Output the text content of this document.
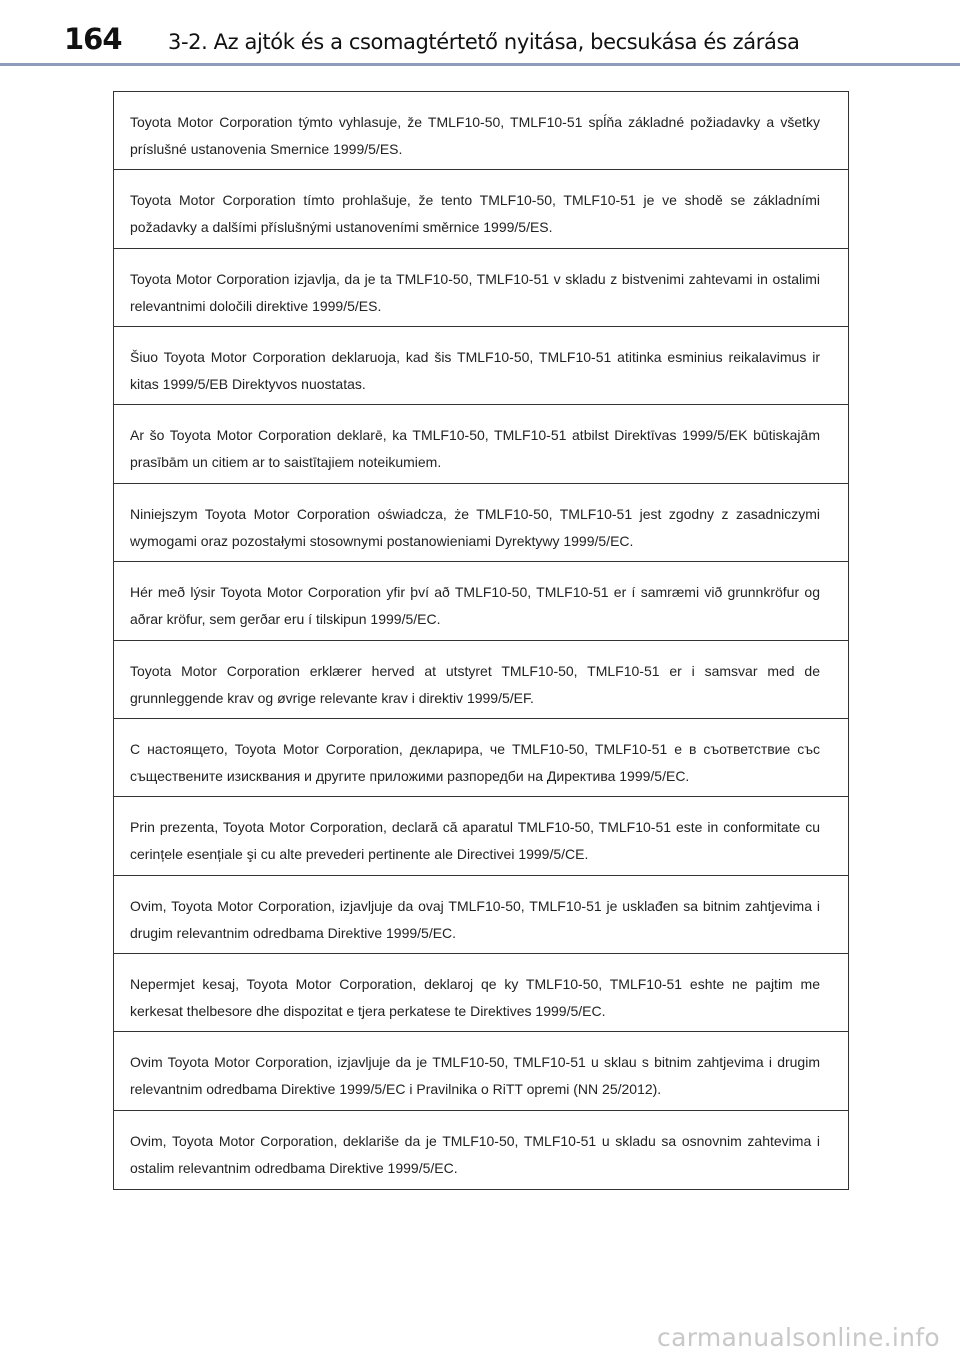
164 3-2. Az ajtók és a csomagtértető nyitása, becsukása és zárása
Toyota Motor Corporation týmto vyhlasuje, že TMLF10-50, TMLF10-51 spĺňa základné požiadavky a všetky príslušné ustanovenia Smernice 1999/5/ES.
Toyota Motor Corporation tímto prohlašuje, že tento TMLF10-50, TMLF10-51 je ve shodě se základními požadavky a dalšími příslušnými ustanoveními směrnice 1999/5/ES.
Toyota Motor Corporation izjavlja, da je ta TMLF10-50, TMLF10-51 v skladu z bistvenimi zahtevami in ostalimi relevantnimi določili direktive 1999/5/ES.
Šiuo Toyota Motor Corporation deklaruoja, kad šis TMLF10-50, TMLF10-51 atitinka esminius reikalavimus ir kitas 1999/5/EB Direktyvos nuostatas.
Ar šo Toyota Motor Corporation deklarē, ka TMLF10-50, TMLF10-51 atbilst Direktīvas 1999/5/EK būtiskajām prasībām un citiem ar to saistītajiem noteikumiem.
Niniejszym Toyota Motor Corporation oświadcza, że TMLF10-50, TMLF10-51 jest zgodny z zasadniczymi wymogami oraz pozostałymi stosownymi postanowieniami Dyrektywy 1999/5/EC.
Hér með lýsir Toyota Motor Corporation yfir því að TMLF10-50, TMLF10-51 er í samræmi við grunnkröfur og aðrar kröfur, sem gerðar eru í tilskipun 1999/5/EC.
Toyota Motor Corporation erklærer herved at utstyret TMLF10-50, TMLF10-51 er i samsvar med de grunnleggende krav og øvrige relevante krav i direktiv 1999/5/EF.
С настоящето, Toyota Motor Corporation, декларира, че TMLF10-50, TMLF10-51 е в съответствие със съществените изисквания и другите приложими разпоредби на Директива 1999/5/ЕС.
Prin prezenta, Toyota Motor Corporation, declară că aparatul TMLF10-50, TMLF10-51 este in conformitate cu cerințele esențiale şi cu alte prevederi pertinente ale Directivei 1999/5/CE.
Ovim, Toyota Motor Corporation, izjavljuje da ovaj TMLF10-50, TMLF10-51 je usklađen sa bitnim zahtjevima i drugim relevantnim odredbama Direktive 1999/5/EC.
Nepermjet kesaj, Toyota Motor Corporation, deklaroj qe ky TMLF10-50, TMLF10-51 eshte ne pajtim me kerkesat thelbesore dhe dispozitat e tjera perkatese te Direktives 1999/5/EC.
Ovim Toyota Motor Corporation, izjavljuje da je TMLF10-50, TMLF10-51 u sklau s bitnim zahtjevima i drugim relevantnim odredbama Direktive 1999/5/EC i Pravilnika o RiTT opremi (NN 25/2012).
Ovim, Toyota Motor Corporation, deklariše da je TMLF10-50, TMLF10-51 u skladu sa osnovnim zahtevima i ostalim relevantnim odredbama Direktive 1999/5/EC.
carmanualsonline.info
